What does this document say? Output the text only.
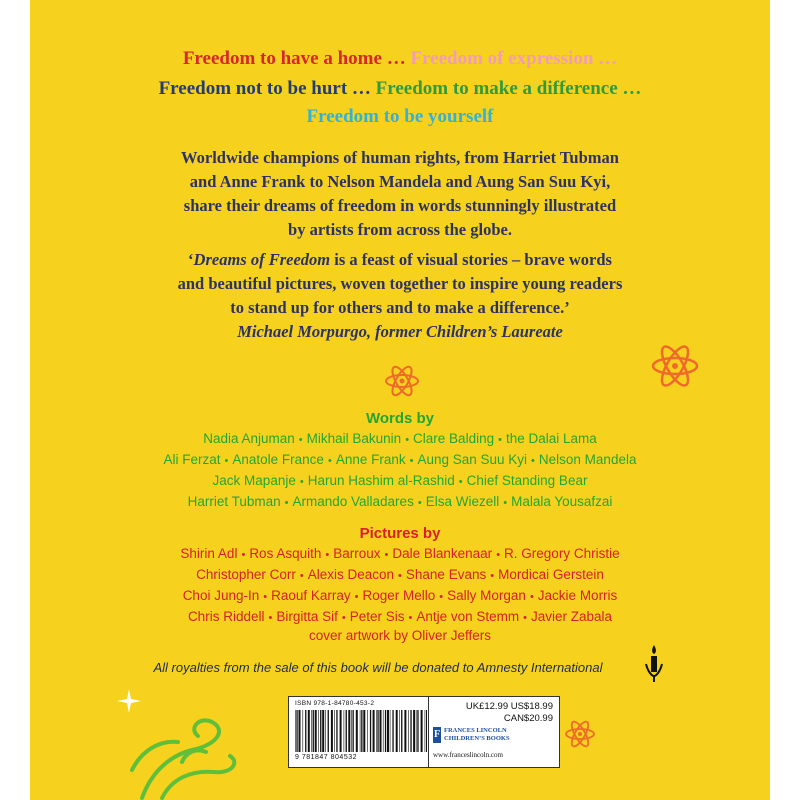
Freedom to have a home … Freedom of expression …
Freedom not to be hurt … Freedom to make a difference …
Freedom to be yourself
Worldwide champions of human rights, from Harriet Tubman
and Anne Frank to Nelson Mandela and Aung San Suu Kyi,
share their dreams of freedom in words stunningly illustrated
by artists from across the globe.
‘Dreams of Freedom is a feast of visual stories – brave words
and beautiful pictures, woven together to inspire young readers
to stand up for others and to make a difference.’
Michael Morpurgo, former Children’s Laureate
Words by
Nadia Anjuman • Mikhail Bakunin • Clare Balding • the Dalai Lama
Ali Ferzat • Anatole France • Anne Frank • Aung San Suu Kyi • Nelson Mandela
Jack Mapanje • Harun Hashim al-Rashid • Chief Standing Bear
Harriet Tubman • Armando Valladares • Elsa Wiezell • Malala Yousafzai
Pictures by
Shirin Adl • Ros Asquith • Barroux • Dale Blankenaar • R. Gregory Christie
Christopher Corr • Alexis Deacon • Shane Evans • Mordicai Gerstein
Choi Jung-In • Raouf Karray • Roger Mello • Sally Morgan • Jackie Morris
Chris Riddell • Birgitta Sif • Peter Sis • Antje von Stemm • Javier Zabala
cover artwork by Oliver Jeffers
All royalties from the sale of this book will be donated to Amnesty International
ISBN 978-1-84780-453-2
9 781847 804532
UK£12.99 US$18.99
CAN$20.99
F FRANCES LINCOLN
CHILDREN’S BOOKS
www.franceslincoln.com
